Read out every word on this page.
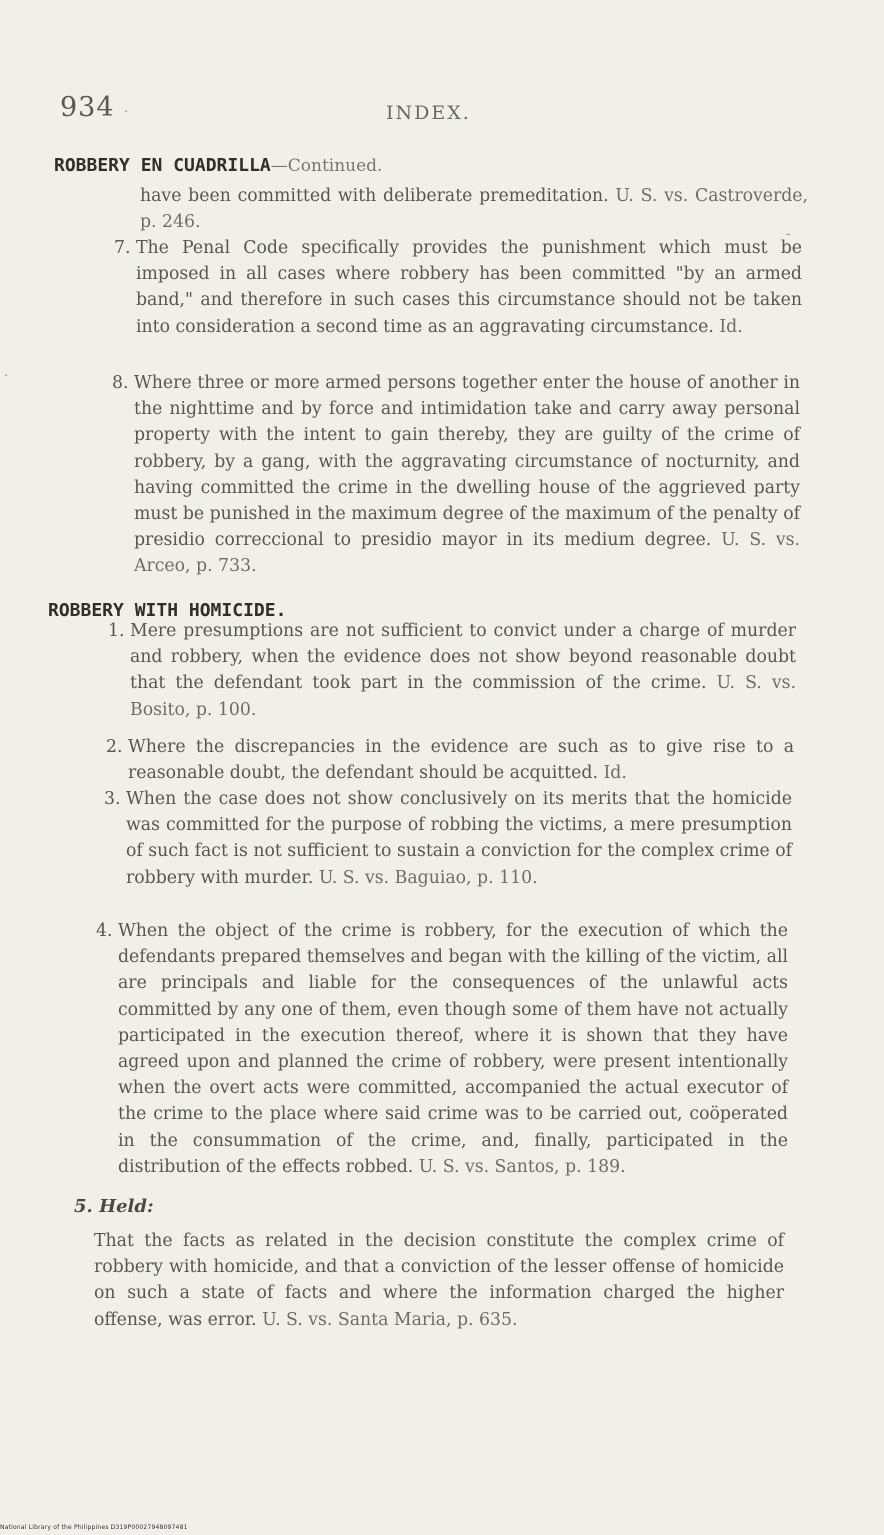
934 ·	INDEX.
-
·
ROBBERY EN CUADRILLA—Continued.
have been committed with deliberate premeditation. U. S. vs. Castroverde, p. 246.
7. The Penal Code specifically provides the punishment which must be imposed in all cases where robbery has been committed "by an armed band," and therefore in such cases this circumstance should not be taken into consideration a second time as an aggravating circumstance. Id.
8. Where three or more armed persons together enter the house of another in the nighttime and by force and intimidation take and carry away personal property with the intent to gain thereby, they are guilty of the crime of robbery, by a gang, with the aggravating circumstance of nocturnity, and having committed the crime in the dwelling house of the aggrieved party must be punished in the maximum degree of the maximum of the penalty of presidio correccional to presidio mayor in its medium degree. U. S. vs. Arceo, p. 733.
ROBBERY WITH HOMICIDE.
1. Mere presumptions are not sufficient to convict under a charge of murder and robbery, when the evidence does not show beyond reasonable doubt that the defendant took part in the commission of the crime. U. S. vs. Bosito, p. 100.
2. Where the discrepancies in the evidence are such as to give rise to a reasonable doubt, the defendant should be acquitted. Id.
3. When the case does not show conclusively on its merits that the homicide was committed for the purpose of robbing the victims, a mere presumption of such fact is not sufficient to sustain a conviction for the complex crime of robbery with murder. U. S. vs. Baguiao, p. 110.
4. When the object of the crime is robbery, for the execution of which the defendants prepared themselves and began with the killing of the victim, all are principals and liable for the consequences of the unlawful acts committed by any one of them, even though some of them have not actually participated in the execution thereof, where it is shown that they have agreed upon and planned the crime of robbery, were present intentionally when the overt acts were committed, accompanied the actual executor of the crime to the place where said crime was to be carried out, coöperated in the consummation of the crime, and, finally, participated in the distribution of the effects robbed. U. S. vs. Santos, p. 189.
5. Held:
That the facts as related in the decision constitute the complex crime of robbery with homicide, and that a conviction of the lesser offense of homicide on such a state of facts and where the information charged the higher offense, was error. U. S. vs. Santa Maria, p. 635.
National Library of the Philippines D319P00027948097481
